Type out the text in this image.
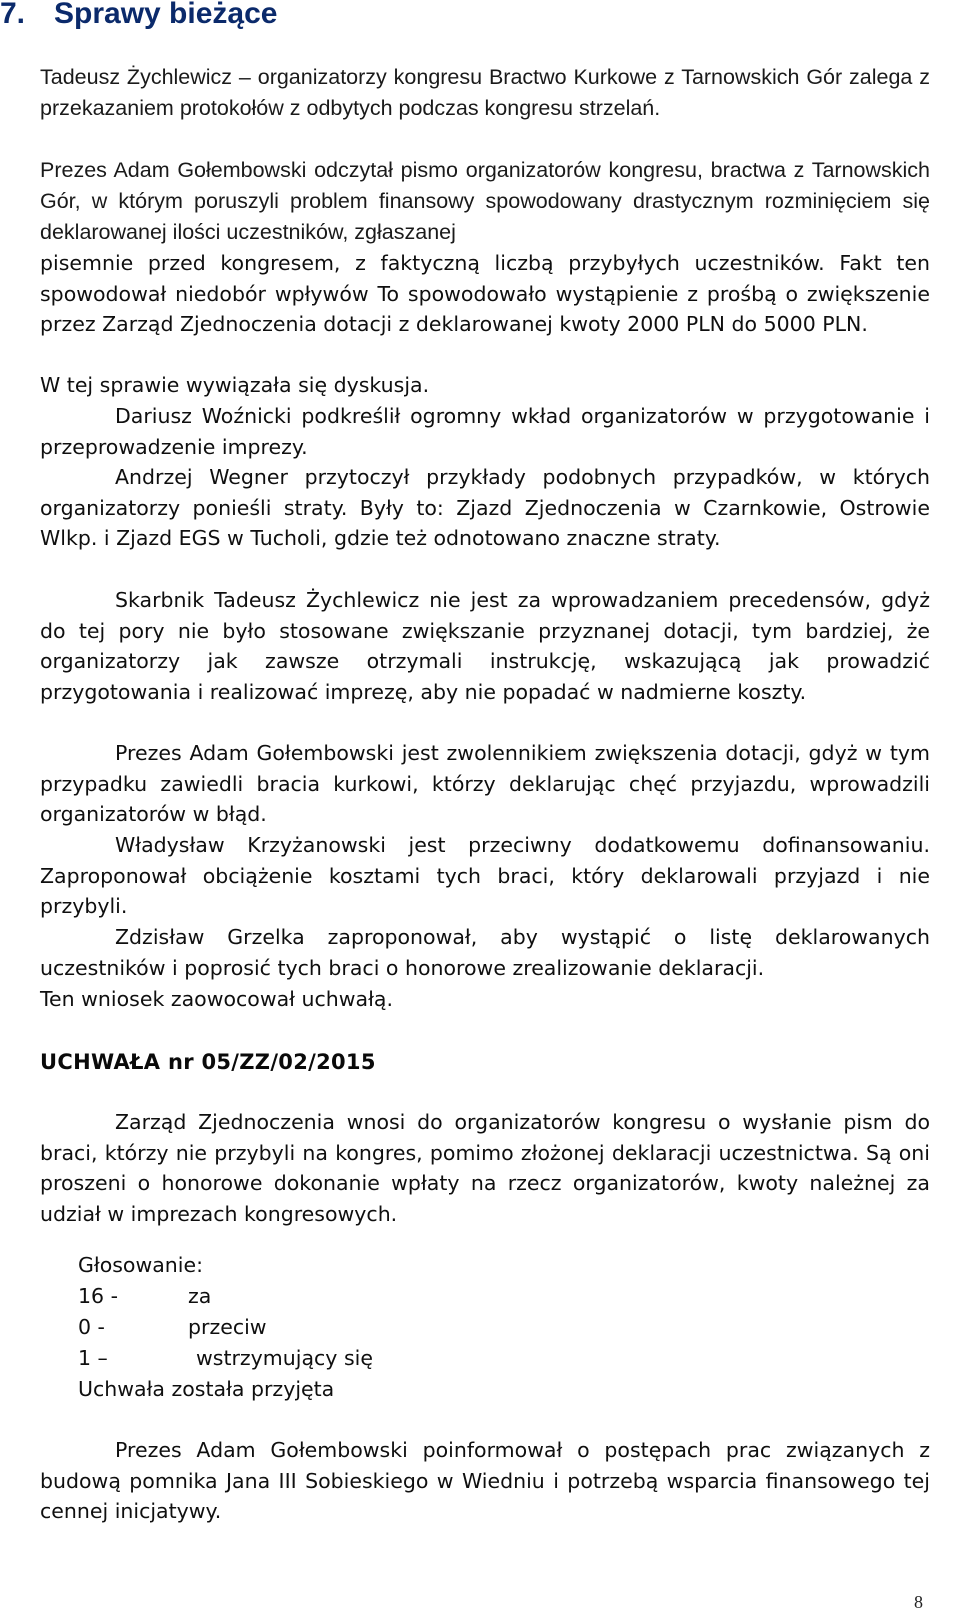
7. Sprawy bieżące

Tadeusz Żychlewicz – organizatorzy kongresu Bractwo Kurkowe z Tarnowskich Gór zalega z przekazaniem protokołów z odbytych podczas kongresu strzelań.

Prezes Adam Gołembowski odczytał pismo organizatorów kongresu, bractwa z Tarnowskich Gór, w którym poruszyli problem finansowy spowodowany drastycznym rozminięciem się deklarowanej ilości uczestników, zgłaszanej

pisemnie przed kongresem, z faktyczną liczbą przybyłych uczestników. Fakt ten spowodował niedobór wpływów To spowodowało wystąpienie z prośbą o zwiększenie przez Zarząd Zjednoczenia dotacji z deklarowanej kwoty 2000 PLN do 5000 PLN.

W tej sprawie wywiązała się dyskusja.

Dariusz Woźnicki podkreślił ogromny wkład organizatorów w przygotowanie i przeprowadzenie imprezy.

Andrzej Wegner przytoczył przykłady podobnych przypadków, w których organizatorzy ponieśli straty. Były to: Zjazd Zjednoczenia w Czarnkowie, Ostrowie Wlkp. i Zjazd EGS w Tucholi, gdzie też odnotowano znaczne straty.

Skarbnik Tadeusz Żychlewicz nie jest za wprowadzaniem precedensów, gdyż do tej pory nie było stosowane zwiększanie przyznanej dotacji, tym bardziej, że organizatorzy jak zawsze otrzymali instrukcję, wskazującą jak prowadzić przygotowania i realizować imprezę, aby nie popadać w nadmierne koszty.

Prezes Adam Gołembowski jest zwolennikiem zwiększenia dotacji, gdyż w tym przypadku zawiedli bracia kurkowi, którzy deklarując chęć przyjazdu, wprowadzili organizatorów w błąd.

Władysław Krzyżanowski jest przeciwny dodatkowemu dofinansowaniu. Zaproponował obciążenie kosztami tych braci, który deklarowali przyjazd i nie przybyli.

Zdzisław Grzelka zaproponował, aby wystąpić o listę deklarowanych uczestników i poprosić tych braci o honorowe zrealizowanie deklaracji.

Ten wniosek zaowocował uchwałą.

UCHWAŁA nr 05/ZZ/02/2015

Zarząd Zjednoczenia wnosi do organizatorów kongresu o wysłanie pism do braci, którzy nie przybyli na kongres, pomimo złożonej deklaracji uczestnictwa. Są oni proszeni o honorowe dokonanie wpłaty na rzecz organizatorów, kwoty należnej za udział w imprezach kongresowych.

Głosowanie:

16 -	za

0 -	przeciw

1 –	wstrzymujący się

Uchwała została przyjęta

Prezes Adam Gołembowski poinformował o postępach prac związanych z budową pomnika Jana III Sobieskiego w Wiedniu i potrzebą wsparcia finansowego tej cennej inicjatywy.

8
